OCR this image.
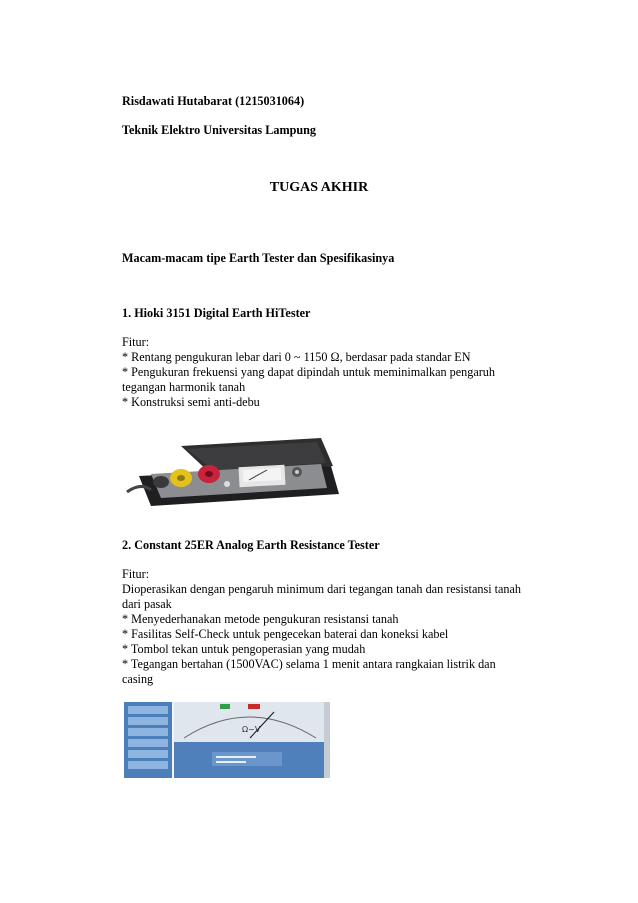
Risdawati Hutabarat (1215031064)
Teknik Elektro Universitas Lampung
TUGAS AKHIR
Macam-macam tipe Earth Tester dan Spesifikasinya
1. Hioki 3151 Digital Earth HiTester
Fitur:
* Rentang pengukuran lebar dari 0 ~ 1150 Ω, berdasar pada standar EN
* Pengukuran frekuensi yang dapat dipindah untuk meminimalkan pengaruh
tegangan harmonik tanah
* Konstruksi semi anti-debu
2. Constant 25ER Analog Earth Resistance Tester
Fitur:
Dioperasikan dengan pengaruh minimum dari tegangan tanah dan resistansi tanah
dari pasak
* Menyederhanakan metode pengukuran resistansi tanah
* Fasilitas Self-Check untuk pengecekan baterai dan koneksi kabel
* Tombol tekan untuk pengoperasian yang mudah
* Tegangan bertahan (1500VAC) selama 1 menit antara rangkaian listrik dan
casing
Ω~V
